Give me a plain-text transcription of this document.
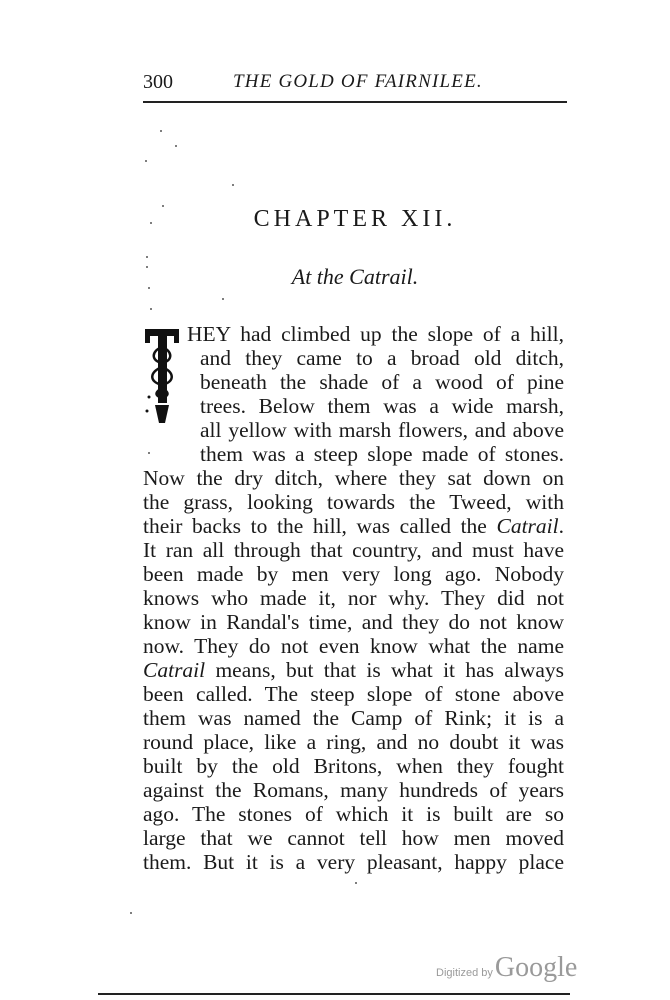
300	THE GOLD OF FAIRNILEE.
CHAPTER XII.
At the Catrail.
HEY had climbed up the slope of a hill,
and they came to a broad old ditch,
beneath the shade of a wood of pine
trees. Below them was a wide marsh,
all yellow with marsh flowers, and above
them was a steep slope made of stones.
Now the dry ditch, where they sat down on
the grass, looking towards the Tweed, with
their backs to the hill, was called the Catrail.
It ran all through that country, and must have
been made by men very long ago. Nobody
knows who made it, nor why. They did not
know in Randal's time, and they do not know
now. They do not even know what the name
Catrail means, but that is what it has always
been called. The steep slope of stone above
them was named the Camp of Rink; it is a
round place, like a ring, and no doubt it was
built by the old Britons, when they fought
against the Romans, many hundreds of years
ago. The stones of which it is built are so
large that we cannot tell how men moved
them. But it is a very pleasant, happy place
Digitized byGoogle
